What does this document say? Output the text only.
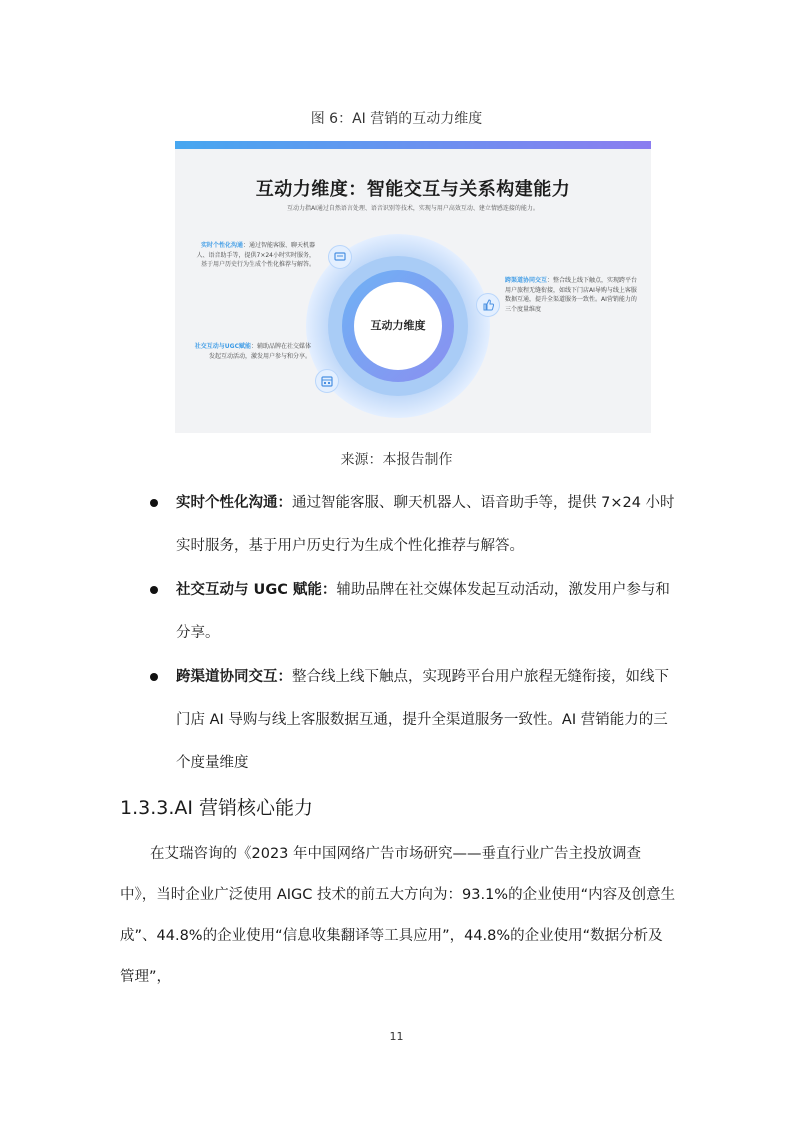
图 6：AI 营销的互动力维度
互动力维度：智能交互与关系构建能力
互动力指AI通过自然语言处理、语音识别等技术，实现与用户高效互动、建立情感连接的能力。
互动力维度
实时个性化沟通：通过智能客服、聊天机器人、语音助手等，提供7×24小时实时服务，基于用户历史行为生成个性化推荐与解答。
社交互动与UGC赋能：辅助品牌在社交媒体发起互动活动，激发用户参与和分享。
跨渠道协同交互：整合线上线下触点，实现跨平台用户旅程无缝衔接，如线下门店AI导购与线上客服数据互通，提升全渠道服务一致性。AI营销能力的三个度量维度
来源：本报告制作
实时个性化沟通：通过智能客服、聊天机器人、语音助手等，提供 7×24 小时实时服务，基于用户历史行为生成个性化推荐与解答。
社交互动与 UGC 赋能：辅助品牌在社交媒体发起互动活动，激发用户参与和分享。
跨渠道协同交互：整合线上线下触点，实现跨平台用户旅程无缝衔接，如线下门店 AI 导购与线上客服数据互通，提升全渠道服务一致性。AI 营销能力的三个度量维度
1.3.3.AI 营销核心能力
在艾瑞咨询的《2023 年中国网络广告市场研究——垂直行业广告主投放调查中》，当时企业广泛使用 AIGC 技术的前五大方向为：93.1%的企业使用“内容及创意生成”、44.8%的企业使用“信息收集翻译等工具应用”，44.8%的企业使用“数据分析及管理”，
11
